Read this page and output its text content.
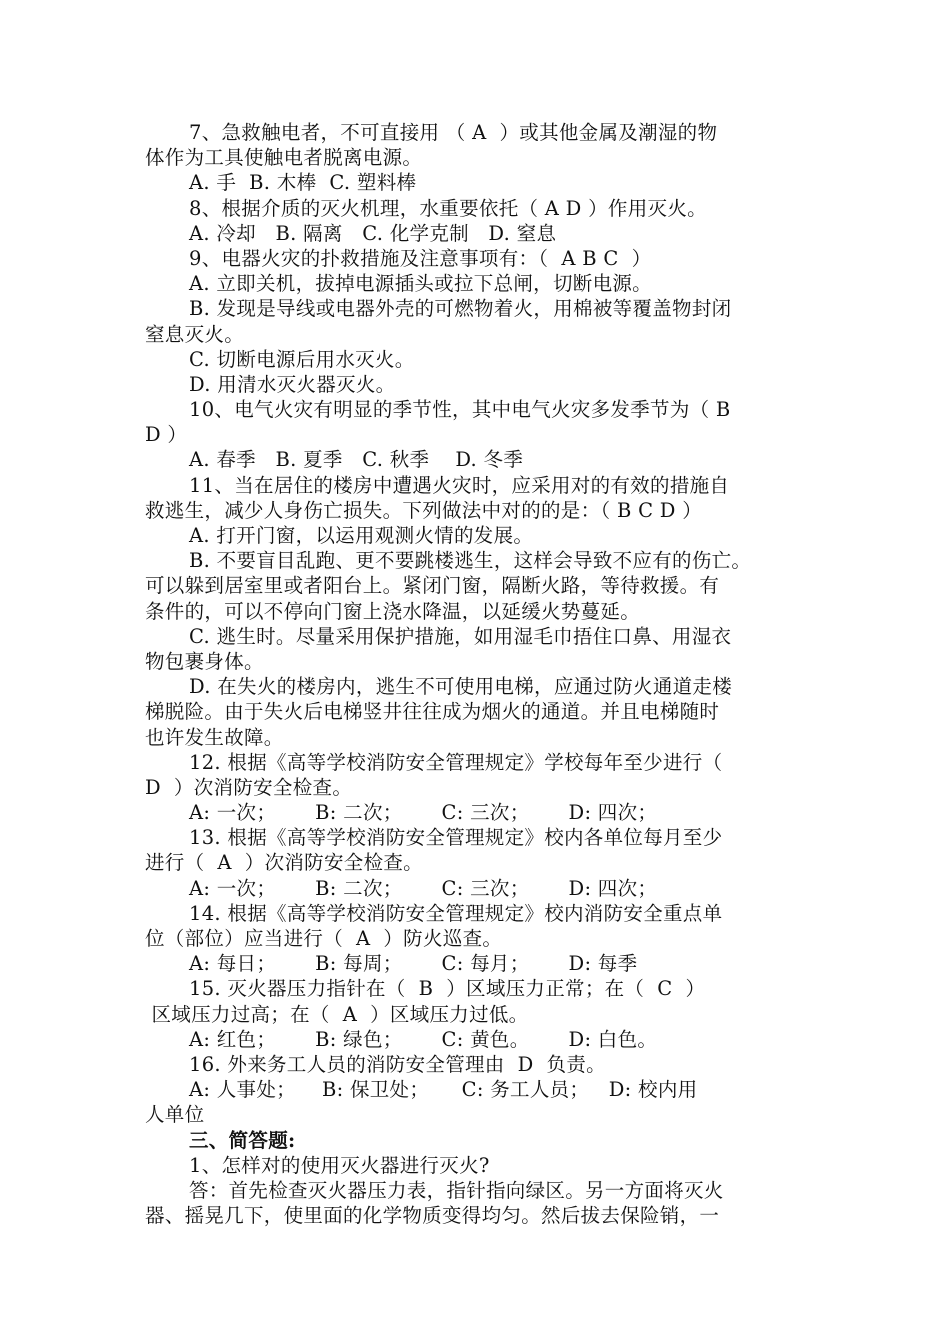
7、急救触电者，不可直接用 （ A  ）或其他金属及潮湿的物
体作为工具使触电者脱离电源。
A. 手  B. 木棒  C. 塑料棒
8、根据介质的灭火机理，水重要依托（ A D ）作用灭火。
A. 冷却   B. 隔离   C. 化学克制   D. 窒息
9、电器火灾的扑救措施及注意事项有：（  A B C  ）
A. 立即关机，拔掉电源插头或拉下总闸，切断电源。
B. 发现是导线或电器外壳的可燃物着火，用棉被等覆盖物封闭
窒息灭火。
C. 切断电源后用水灭火。
D. 用清水灭火器灭火。
10、电气火灾有明显的季节性，其中电气火灾多发季节为（ B
D ）
A. 春季   B. 夏季   C. 秋季    D. 冬季
11、当在居住的楼房中遭遇火灾时，应采用对的有效的措施自
救逃生，减少人身伤亡损失。下列做法中对的的是：（ B C D ）
A. 打开门窗，以运用观测火情的发展。
B. 不要盲目乱跑、更不要跳楼逃生，这样会导致不应有的伤亡。
可以躲到居室里或者阳台上。紧闭门窗，隔断火路，等待救援。有
条件的，可以不停向门窗上浇水降温，以延缓火势蔓延。
C. 逃生时。尽量采用保护措施，如用湿毛巾捂住口鼻、用湿衣
物包裹身体。
D. 在失火的楼房内，逃生不可使用电梯，应通过防火通道走楼
梯脱险。由于失火后电梯竖井往往成为烟火的通道。并且电梯随时
也许发生故障。
12. 根据《高等学校消防安全管理规定》学校每年至少进行（
D  ）次消防安全检查。
A: 一次；      B: 二次；      C: 三次；      D: 四次；
13. 根据《高等学校消防安全管理规定》校内各单位每月至少
进行（  A  ）次消防安全检查。
A: 一次；      B: 二次；      C: 三次；      D: 四次；
14. 根据《高等学校消防安全管理规定》校内消防安全重点单
位（部位）应当进行（  A  ）防火巡查。
A: 每日；      B: 每周；      C: 每月；      D: 每季
15. 灭火器压力指针在（  B  ）区域压力正常；在（  C  ）
区域压力过高；在（  A  ）区域压力过低。
A: 红色；      B: 绿色；      C: 黄色。      D: 白色。
16. 外来务工人员的消防安全管理由  D  负责。
A: 人事处；    B: 保卫处；     C: 务工人员；   D: 校内用
人单位
三、简答题:
1、怎样对的使用灭火器进行灭火?
答：首先检查灭火器压力表，指针指向绿区。另一方面将灭火
器、摇晃几下，使里面的化学物质变得均匀。然后拔去保险销，一
